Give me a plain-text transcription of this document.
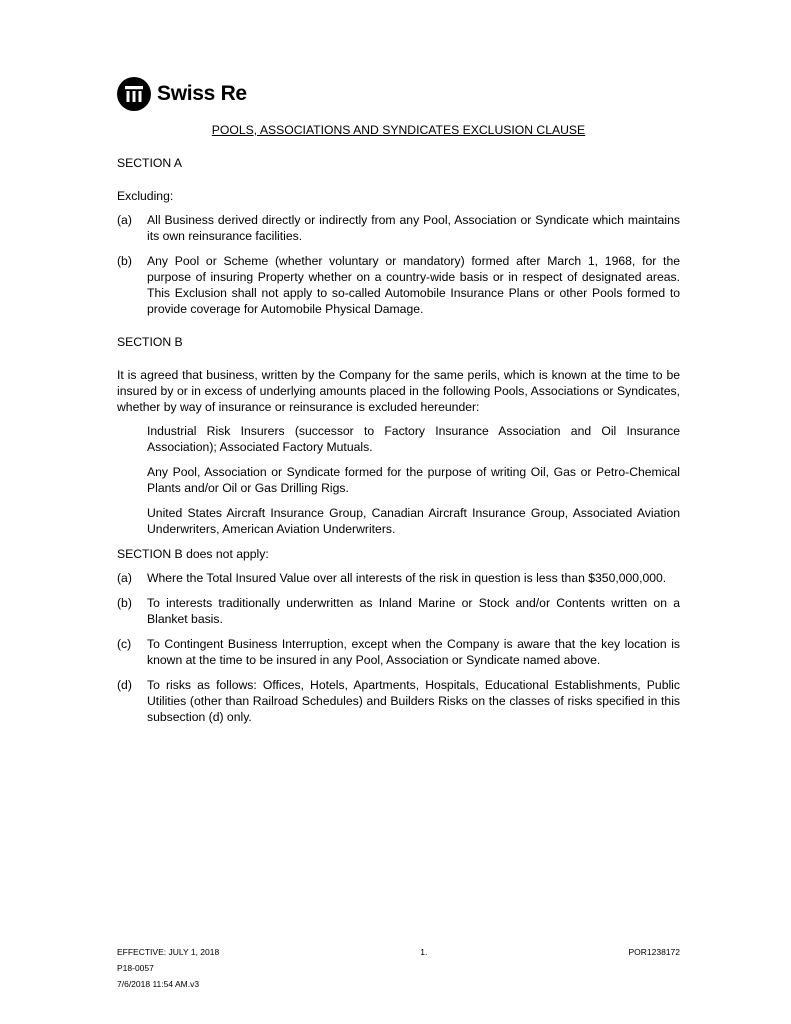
Swiss Re
POOLS, ASSOCIATIONS AND SYNDICATES EXCLUSION CLAUSE
SECTION A
Excluding:
(a)	All Business derived directly or indirectly from any Pool, Association or Syndicate which maintains its own reinsurance facilities.
(b)	Any Pool or Scheme (whether voluntary or mandatory) formed after March 1, 1968, for the purpose of insuring Property whether on a country-wide basis or in respect of designated areas. This Exclusion shall not apply to so-called Automobile Insurance Plans or other Pools formed to provide coverage for Automobile Physical Damage.
SECTION B
It is agreed that business, written by the Company for the same perils, which is known at the time to be insured by or in excess of underlying amounts placed in the following Pools, Associations or Syndicates, whether by way of insurance or reinsurance is excluded hereunder:
Industrial Risk Insurers (successor to Factory Insurance Association and Oil Insurance Association); Associated Factory Mutuals.
Any Pool, Association or Syndicate formed for the purpose of writing Oil, Gas or Petro-Chemical Plants and/or Oil or Gas Drilling Rigs.
United States Aircraft Insurance Group, Canadian Aircraft Insurance Group, Associated Aviation Underwriters, American Aviation Underwriters.
SECTION B does not apply:
(a)	Where the Total Insured Value over all interests of the risk in question is less than $350,000,000.
(b)	To interests traditionally underwritten as Inland Marine or Stock and/or Contents written on a Blanket basis.
(c)	To Contingent Business Interruption, except when the Company is aware that the key location is known at the time to be insured in any Pool, Association or Syndicate named above.
(d)	To risks as follows: Offices, Hotels, Apartments, Hospitals, Educational Establishments, Public Utilities (other than Railroad Schedules) and Builders Risks on the classes of risks specified in this subsection (d) only.
EFFECTIVE: JULY 1, 2018	1.	POR1238172
P18-0057
7/6/2018 11:54 AM.v3
